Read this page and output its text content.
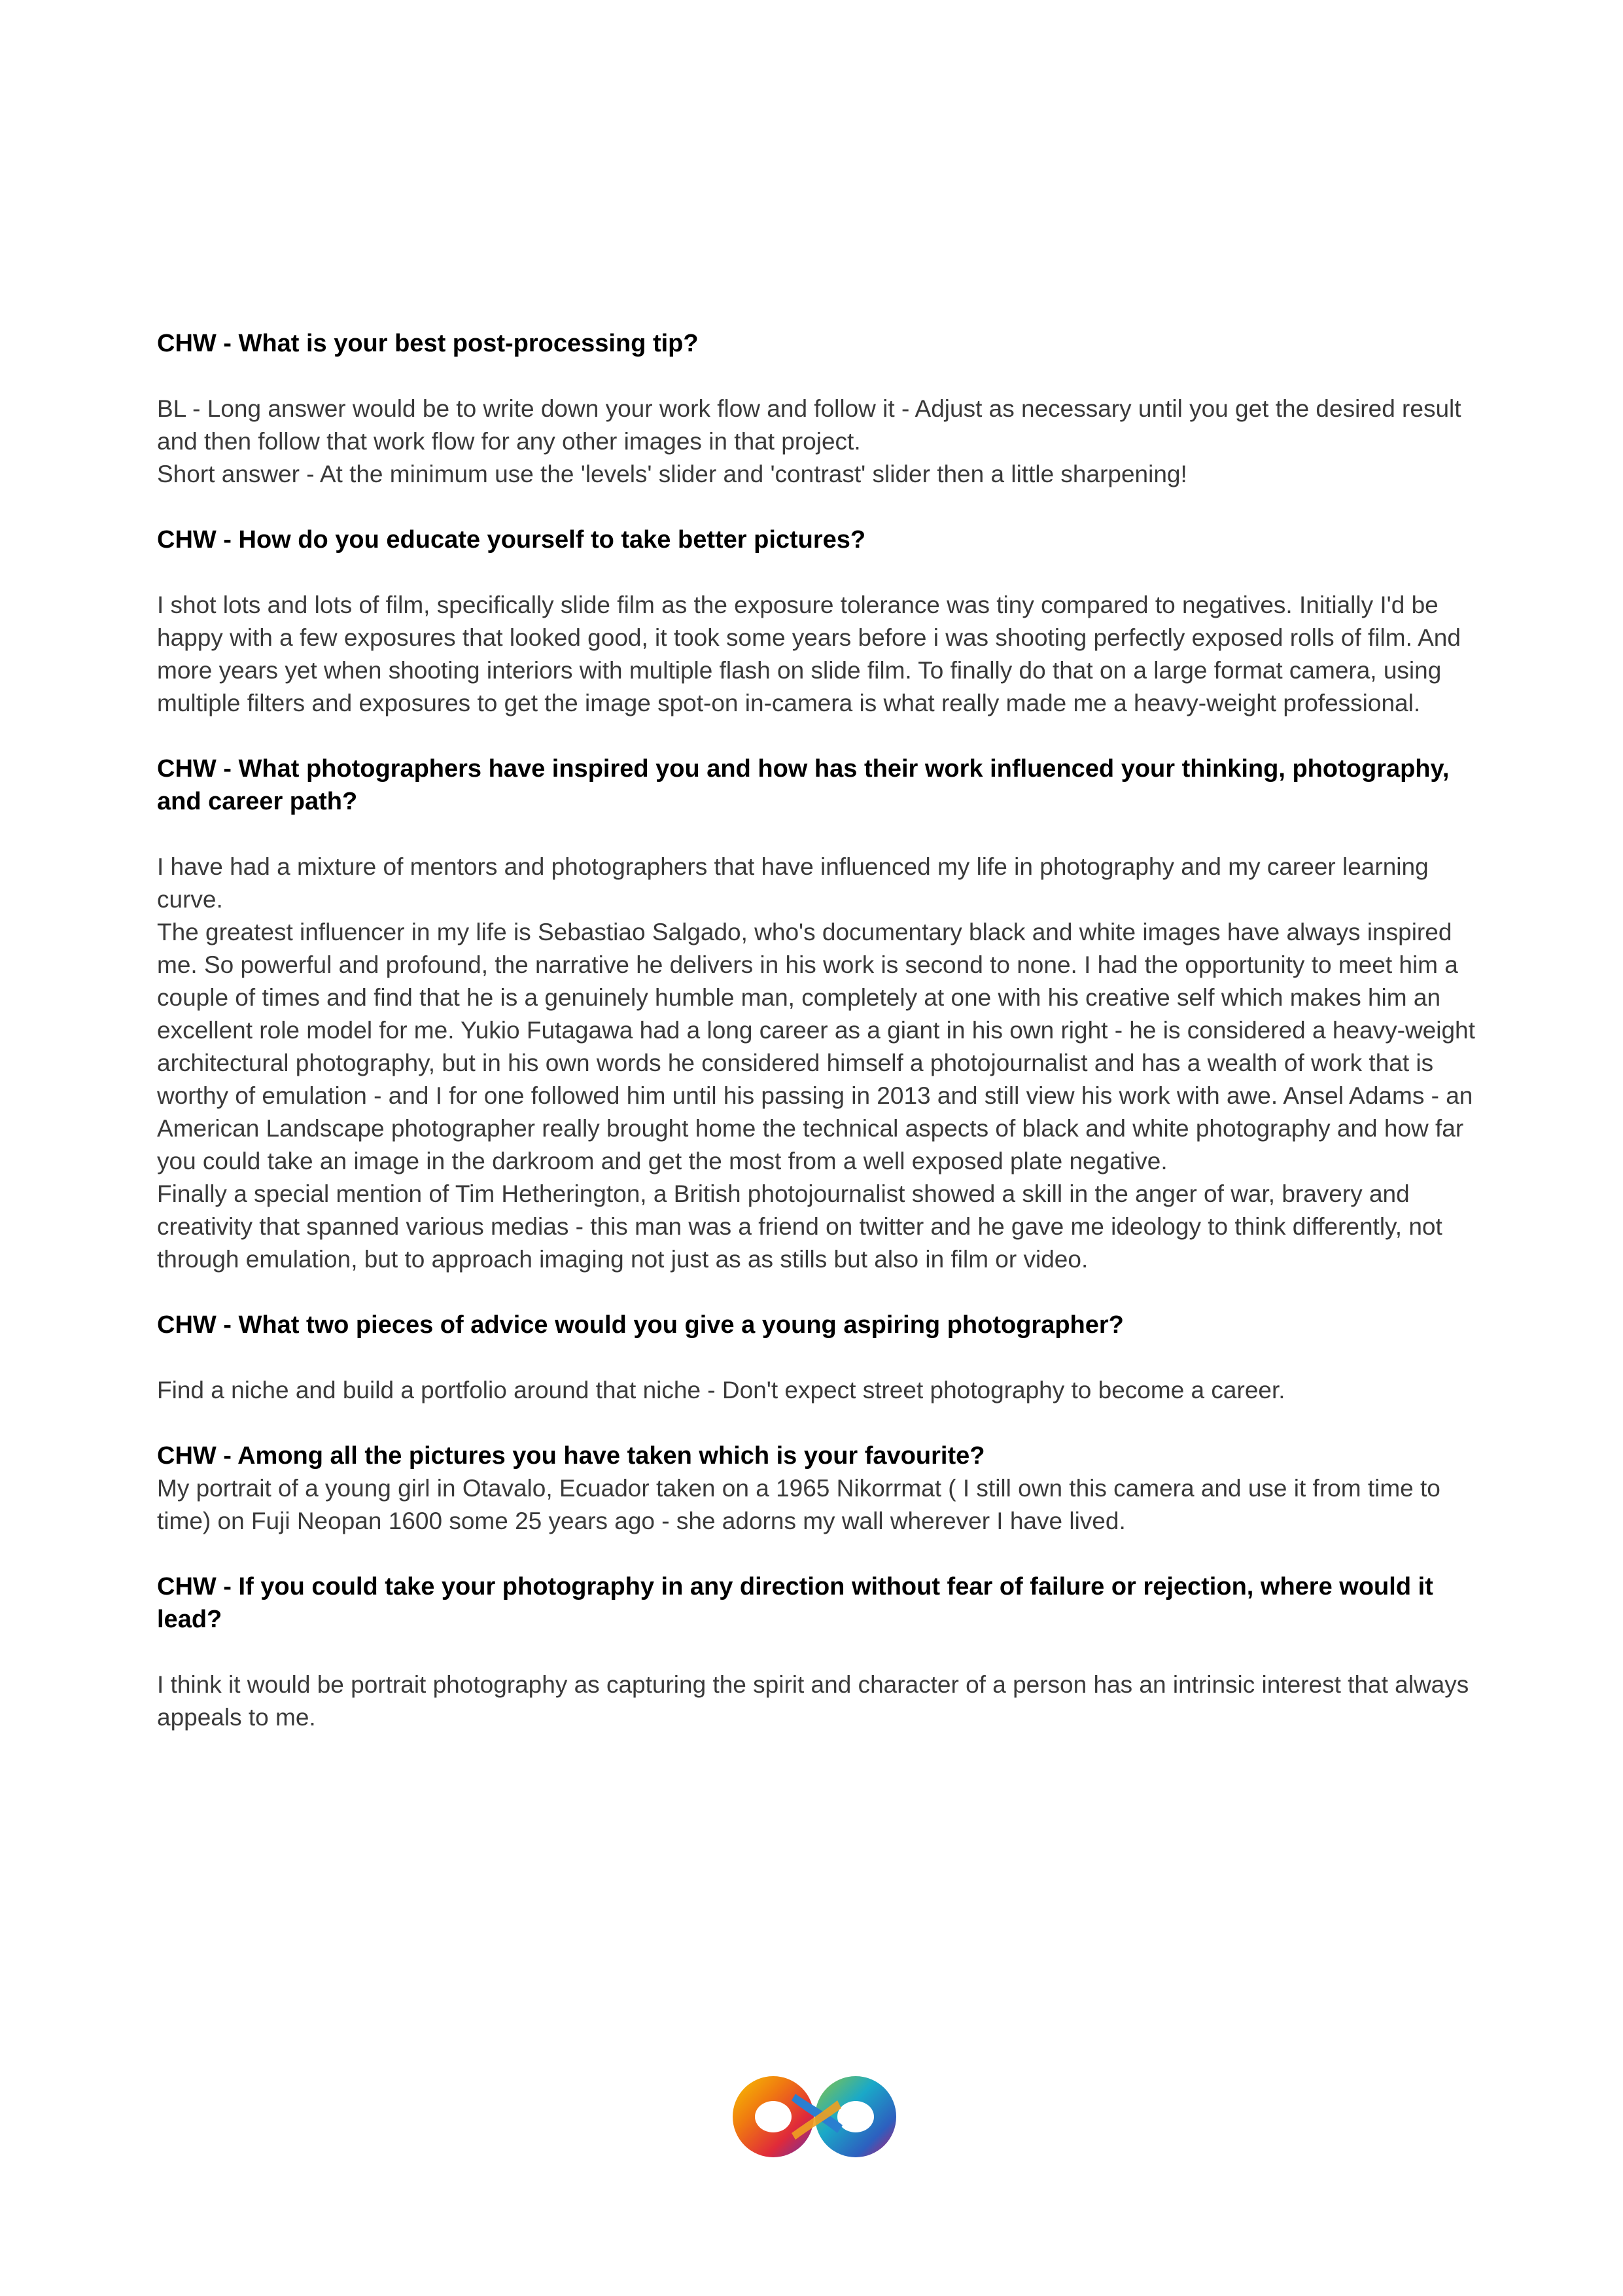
CHW - What is your best post-processing tip?

BL - Long answer would be to write down your work flow and follow it - Adjust as necessary until you get the desired result and then follow that work flow for any other images in that project.

Short answer - At the minimum use the 'levels' slider and 'contrast' slider then a little sharpening!

CHW - How do you educate yourself to take better pictures?

I shot lots and lots of film, specifically slide film as the exposure tolerance was tiny compared to negatives. Initially I'd be happy with a few exposures that looked good, it took some years before i was shooting perfectly exposed rolls of film. And more years yet when shooting interiors with multiple flash on slide film. To finally do that on a large format camera, using multiple filters and exposures to get the image spot-on in-camera is what really made me a heavy-weight professional.

CHW - What photographers have inspired you and how has their work influenced your thinking, photography, and career path?

I have had a mixture of mentors and photographers that have influenced my life in photography and my career learning curve.

The greatest influencer in my life is Sebastiao Salgado, who's documentary black and white images have always inspired me. So powerful and profound, the narrative he delivers in his work is second to none. I had the opportunity to meet him a couple of times and find that he is a genuinely humble man, completely at one with his creative self which makes him an excellent role model for me. Yukio Futagawa had a long career as a giant in his own right - he is considered a heavy-weight architectural photography, but in his own words he considered himself a photojournalist and has a wealth of work that is worthy of emulation - and I for one followed him until his passing in 2013 and still view his work with awe. Ansel Adams - an American Landscape photographer really brought home the technical aspects of black and white photography and how far you could take an image in the darkroom and get the most from a well exposed plate negative.

Finally a special mention of Tim Hetherington, a British photojournalist showed a skill in the anger of war, bravery and creativity that spanned various medias - this man was a friend on twitter and he gave me ideology to think differently, not through emulation, but to approach imaging not just as as stills but also in film or video.

CHW - What two pieces of advice would you give a young aspiring photographer?

Find a niche and build a portfolio around that niche - Don't expect street photography to become a career.

CHW - Among all the pictures you have taken which is your favourite?

My portrait of a young girl in Otavalo, Ecuador taken on a 1965 Nikorrmat ( I still own this camera and use it from time to time) on Fuji Neopan 1600 some 25 years ago - she adorns my wall wherever I have lived.

CHW - If you could take your photography in any direction without fear of failure or rejection, where would it lead?

I think it would be portrait photography as capturing the spirit and character of a person has an intrinsic interest that always appeals to me.
